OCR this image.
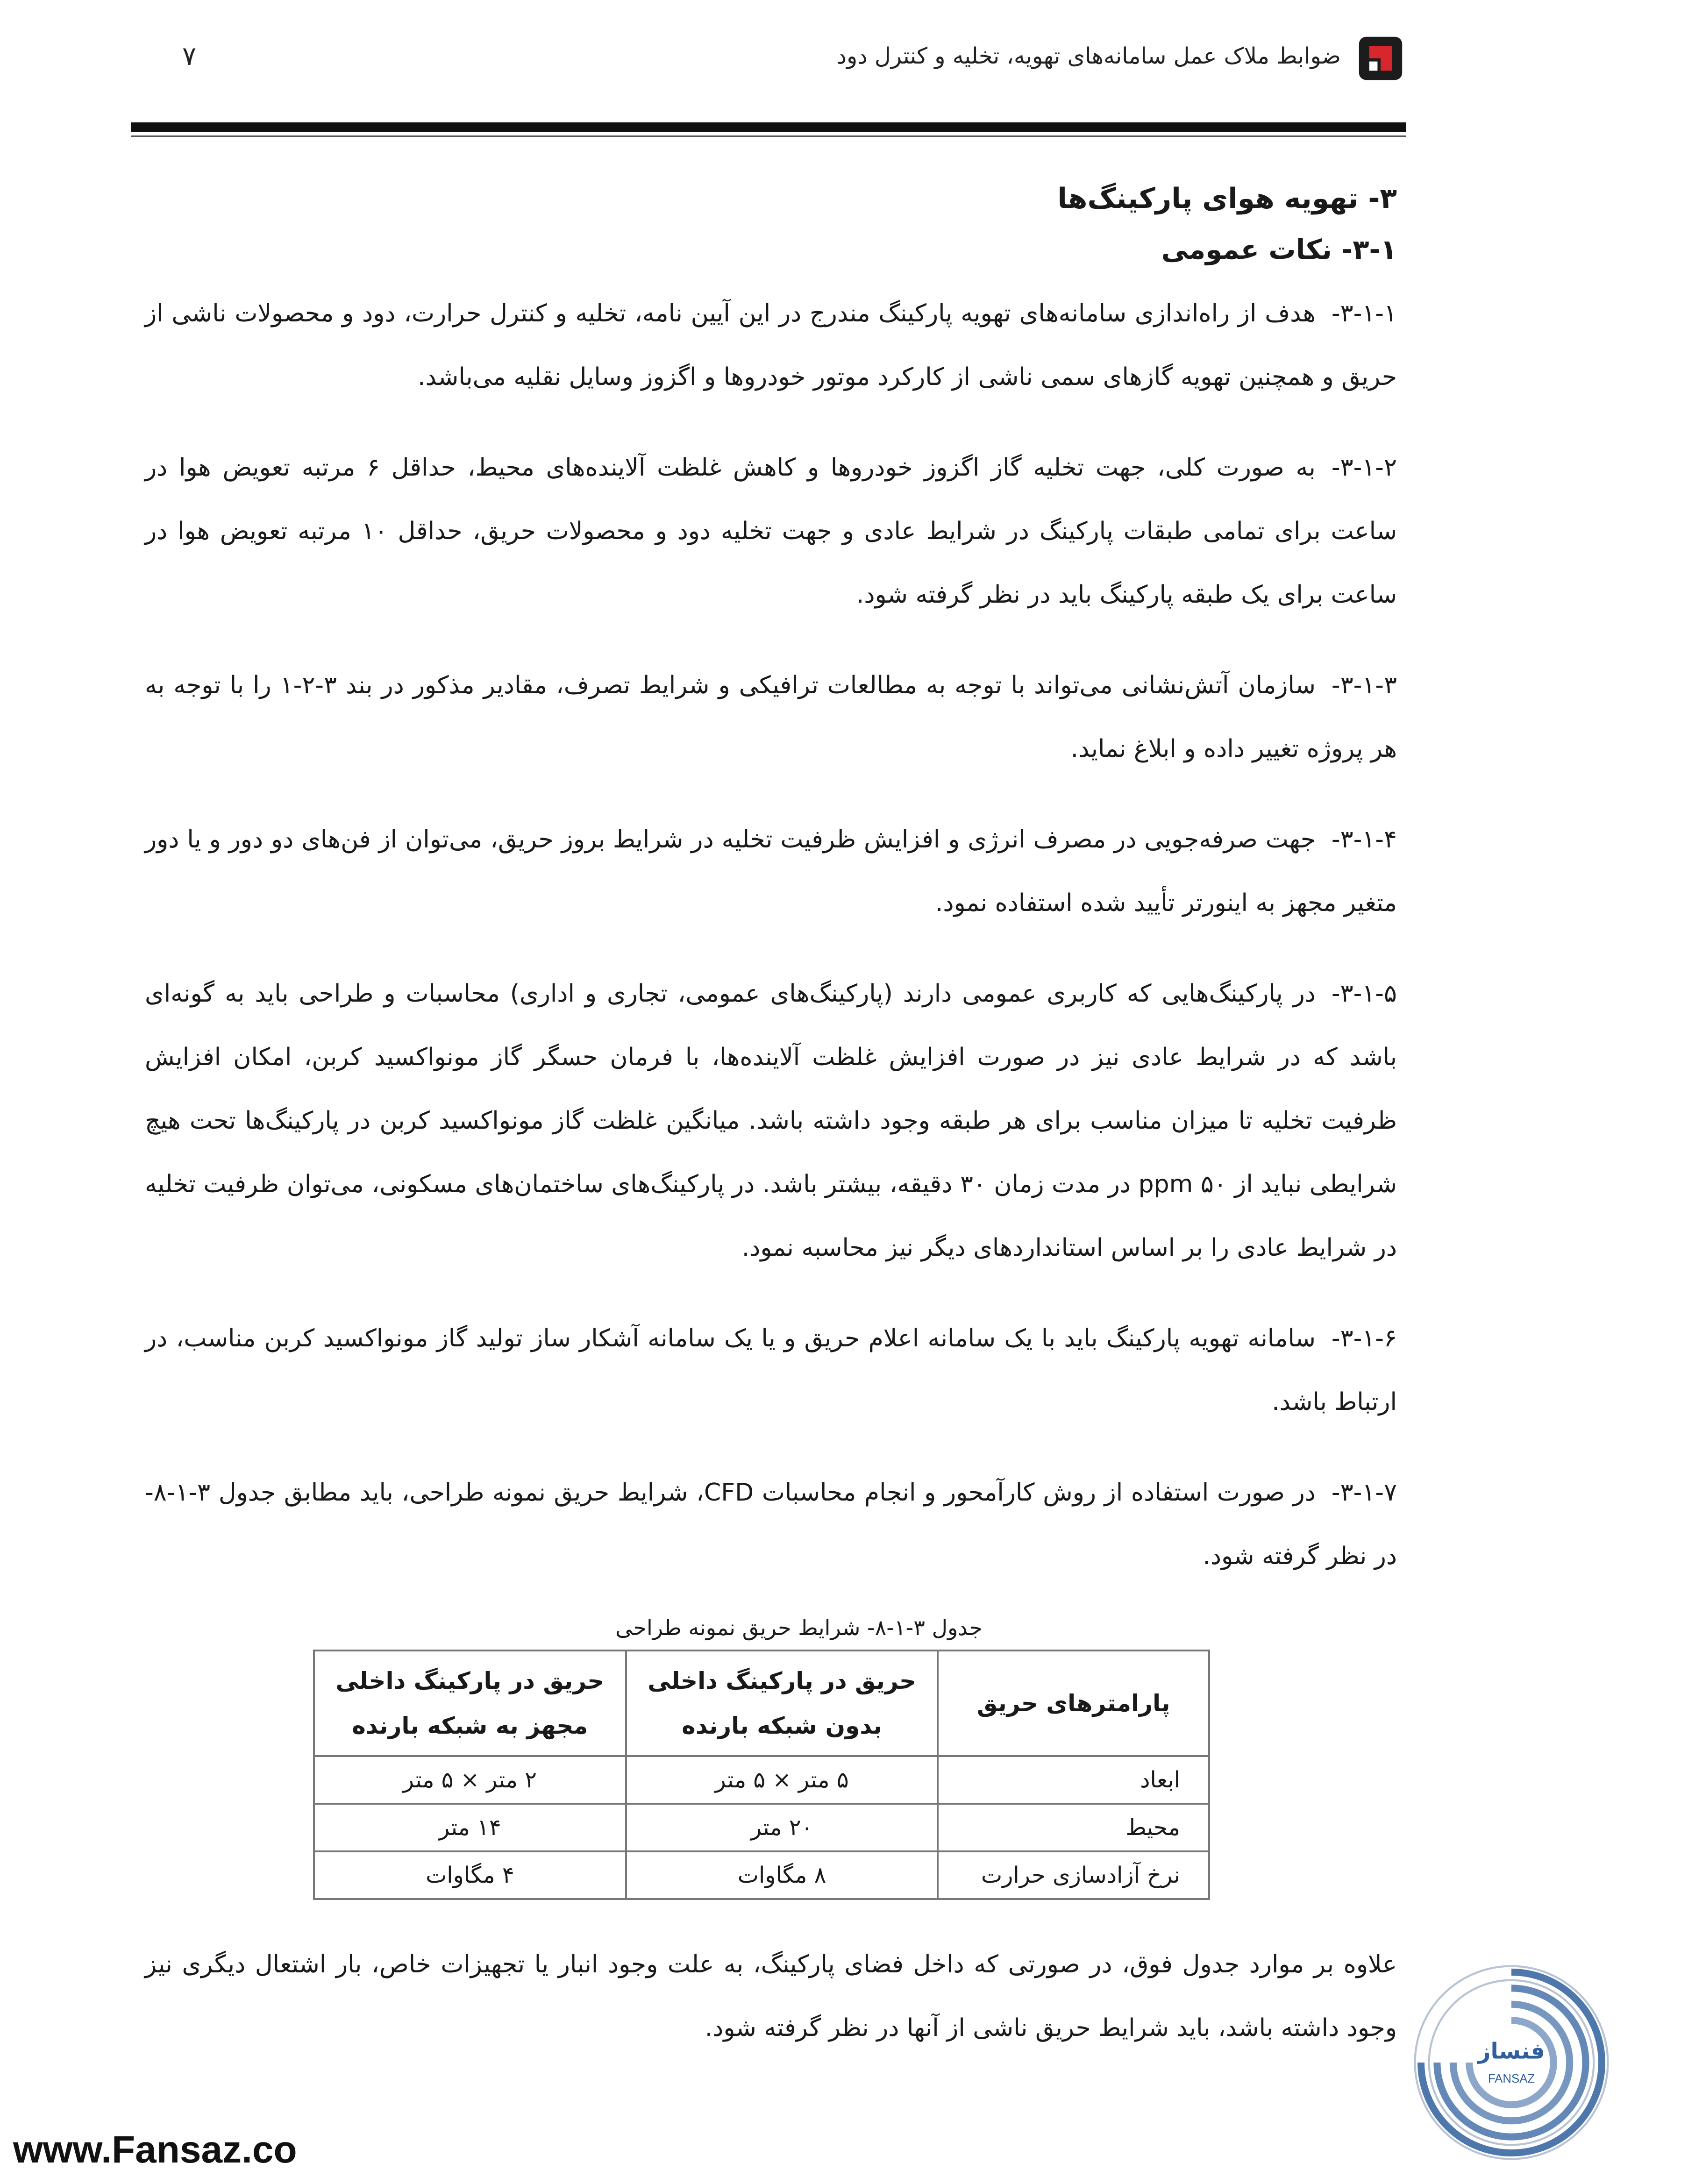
۷	ضوابط ملاک عمل سامانه‌های تهویه، تخلیه و کنترل دود
۳- تهویه هوای پارکینگ‌ها
۳-۱- نکات عمومی

۳-۱-۱-هدف از راه‌اندازی سامانه‌های تهویه پارکینگ مندرج در این آیین نامه، تخلیه و کنترل حرارت، دود و محصولات ناشی از حریق و همچنین تهویه گازهای سمی ناشی از کارکرد موتور خودروها و اگزوز وسایل نقلیه می‌باشد.

۳-۱-۲-به صورت کلی، جهت تخلیه گاز اگزوز خودروها و کاهش غلظت آلاینده‌های محیط، حداقل ۶ مرتبه تعویض هوا در ساعت برای تمامی طبقات پارکینگ در شرایط عادی و جهت تخلیه دود و محصولات حریق، حداقل ۱۰ مرتبه تعویض هوا در ساعت برای یک طبقه پارکینگ باید در نظر گرفته شود.

۳-۱-۳-سازمان آتش‌نشانی می‌تواند با توجه به مطالعات ترافیکی و شرایط تصرف، مقادیر مذکور در بند ۳-۲-۱ را با توجه به هر پروژه تغییر داده و ابلاغ نماید.

۳-۱-۴-جهت صرفه‌جویی در مصرف انرژی و افزایش ظرفیت تخلیه در شرایط بروز حریق، می‌توان از فن‌های دو دور و یا دور متغیر مجهز به اینورتر تأیید شده استفاده نمود.

۳-۱-۵-در پارکینگ‌هایی که کاربری عمومی دارند (پارکینگ‌های عمومی، تجاری و اداری) محاسبات و طراحی باید به گونه‌ای باشد که در شرایط عادی نیز در صورت افزایش غلظت آلاینده‌ها، با فرمان حسگر گاز مونواکسید کربن، امکان افزایش ظرفیت تخلیه تا میزان مناسب برای هر طبقه وجود داشته باشد. میانگین غلظت گاز مونواکسید کربن در پارکینگ‌ها تحت هیچ شرایطی نباید از ۵۰ ppm در مدت زمان ۳۰ دقیقه، بیشتر باشد. در پارکینگ‌های ساختمان‌های مسکونی، می‌توان ظرفیت تخلیه در شرایط عادی را بر اساس استانداردهای دیگر نیز محاسبه نمود.

۳-۱-۶-سامانه تهویه پارکینگ باید با یک سامانه اعلام حریق و یا یک سامانه آشکار ساز تولید گاز مونواکسید کربن مناسب، در ارتباط باشد.

۳-۱-۷-در صورت استفاده از روش کارآمحور و انجام محاسبات CFD، شرایط حریق نمونه طراحی، باید مطابق جدول ۳-۱-۸- در نظر گرفته شود.

جدول ۳-۱-۸- شرایط حریق نمونه طراحی
پارامترهای حریق	حریق در پارکینگ داخلی بدون شبکه بارنده	حریق در پارکینگ داخلی مجهز به شبکه بارنده
ابعاد	۵ متر × ۵ متر	۲ متر × ۵ متر
محیط	۲۰ متر	۱۴ متر
نرخ آزادسازی حرارت	۸ مگاوات	۴ مگاوات

علاوه بر موارد جدول فوق، در صورتی که داخل فضای پارکینگ، به علت وجود انبار یا تجهیزات خاص، بار اشتعال دیگری نیز وجود داشته باشد، باید شرایط حریق ناشی از آنها در نظر گرفته شود.

فنساز
FANSAZ
www.Fansaz.co
